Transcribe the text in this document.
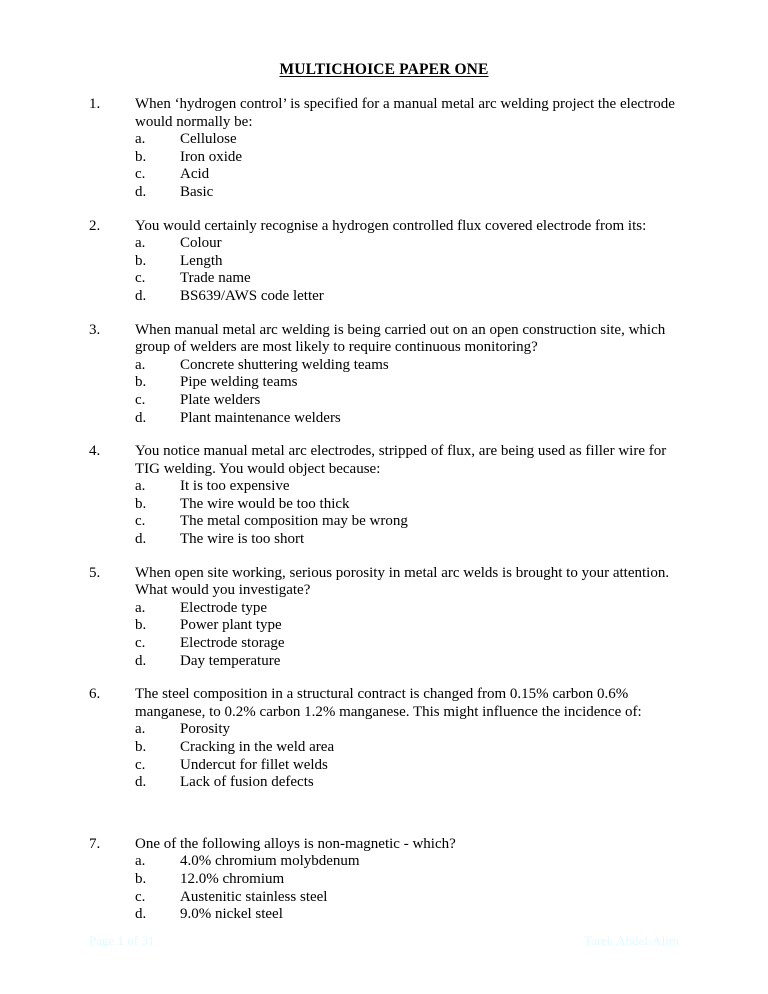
MULTICHOICE PAPER ONE
1.	When ‘hydrogen control’ is specified for a manual metal arc welding project the electrode would normally be:
a.	Cellulose
b.	Iron oxide
c.	Acid
d.	Basic
2.	You would certainly recognise a hydrogen controlled flux covered electrode from its:
a.	Colour
b.	Length
c.	Trade name
d.	BS639/AWS code letter
3.	When manual metal arc welding is being carried out on an open construction site, which group of welders are most likely to require continuous monitoring?
a.	Concrete shuttering welding teams
b.	Pipe welding teams
c.	Plate welders
d.	Plant maintenance welders
4.	You notice manual metal arc electrodes, stripped of flux, are being used as filler wire for TIG welding. You would object because:
a.	It is too expensive
b.	The wire would be too thick
c.	The metal composition may be wrong
d.	The wire is too short
5.	When open site working, serious porosity in metal arc welds is brought to your attention. What would you investigate?
a.	Electrode type
b.	Power plant type
c.	Electrode storage
d.	Day temperature
6.	The steel composition in a structural contract is changed from 0.15% carbon 0.6% manganese, to 0.2% carbon 1.2% manganese. This might influence the incidence of:
a.	Porosity
b.	Cracking in the weld area
c.	Undercut for fillet welds
d.	Lack of fusion defects
7.	One of the following alloys is non-magnetic - which?
a.	4.0% chromium molybdenum
b.	12.0% chromium
c.	Austenitic stainless steel
d.	9.0% nickel steel
Page 1 of 31	Tarek Abdel-Alim
